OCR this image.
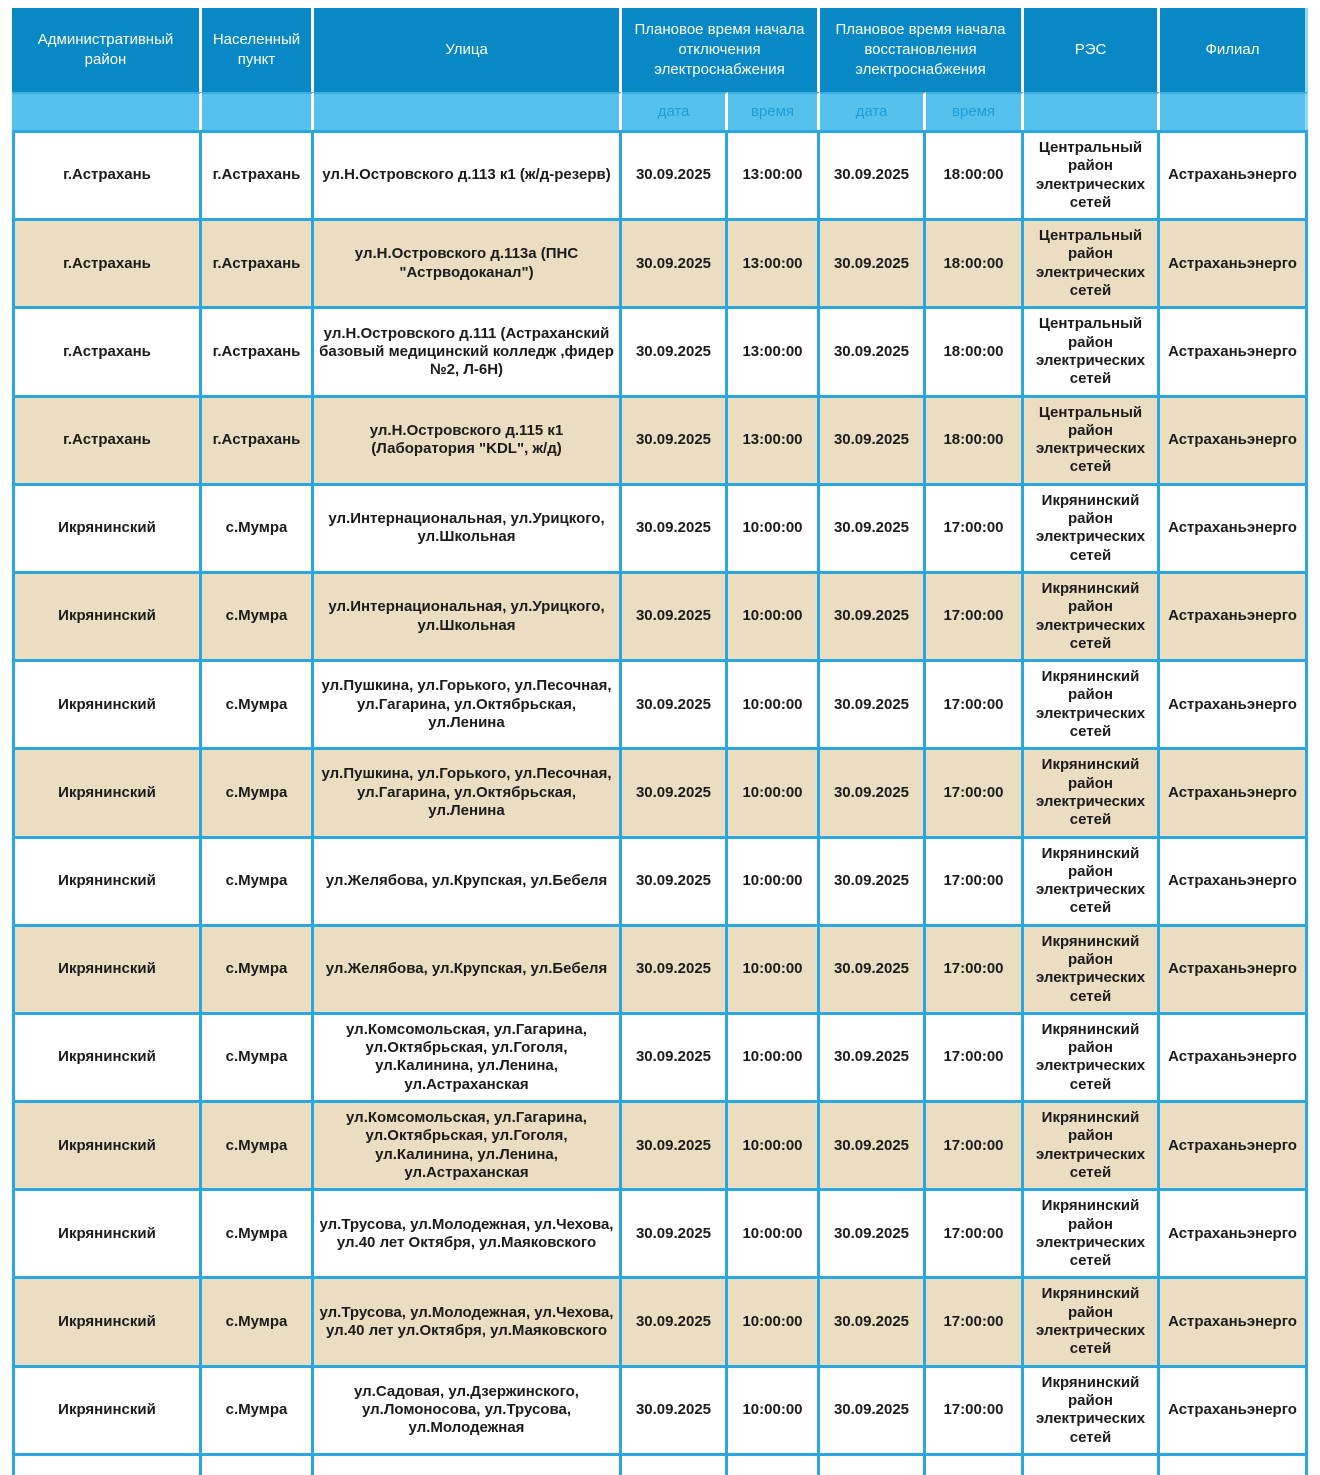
Административный район	Населенный пункт	Улица	Плановое время начала отключения электроснабжения		Плановое время начала восстановления электроснабжения		РЭС	Филиал
			дата	время	дата	время		
г.Астрахань	г.Астрахань	ул.Н.Островского д.113 к1 (ж/д-резерв)	30.09.2025	13:00:00	30.09.2025	18:00:00	Центральный район электрических сетей	Астраханьэнерго
г.Астрахань	г.Астрахань	ул.Н.Островского д.113а (ПНС "Астрводоканал")	30.09.2025	13:00:00	30.09.2025	18:00:00	Центральный район электрических сетей	Астраханьэнерго
г.Астрахань	г.Астрахань	ул.Н.Островского д.111 (Астраханский базовый медицинский колледж ,фидер №2, Л-6Н)	30.09.2025	13:00:00	30.09.2025	18:00:00	Центральный район электрических сетей	Астраханьэнерго
г.Астрахань	г.Астрахань	ул.Н.Островского д.115 к1 (Лаборатория "KDL", ж/д)	30.09.2025	13:00:00	30.09.2025	18:00:00	Центральный район электрических сетей	Астраханьэнерго
Икрянинский	с.Мумра	ул.Интернациональная, ул.Урицкого, ул.Школьная	30.09.2025	10:00:00	30.09.2025	17:00:00	Икрянинский район электрических сетей	Астраханьэнерго
Икрянинский	с.Мумра	ул.Интернациональная, ул.Урицкого, ул.Школьная	30.09.2025	10:00:00	30.09.2025	17:00:00	Икрянинский район электрических сетей	Астраханьэнерго
Икрянинский	с.Мумра	ул.Пушкина, ул.Горького, ул.Песочная, ул.Гагарина, ул.Октябрьская, ул.Ленина	30.09.2025	10:00:00	30.09.2025	17:00:00	Икрянинский район электрических сетей	Астраханьэнерго
Икрянинский	с.Мумра	ул.Пушкина, ул.Горького, ул.Песочная, ул.Гагарина, ул.Октябрьская, ул.Ленина	30.09.2025	10:00:00	30.09.2025	17:00:00	Икрянинский район электрических сетей	Астраханьэнерго
Икрянинский	с.Мумра	ул.Желябова, ул.Крупская, ул.Бебеля	30.09.2025	10:00:00	30.09.2025	17:00:00	Икрянинский район электрических сетей	Астраханьэнерго
Икрянинский	с.Мумра	ул.Желябова, ул.Крупская, ул.Бебеля	30.09.2025	10:00:00	30.09.2025	17:00:00	Икрянинский район электрических сетей	Астраханьэнерго
Икрянинский	с.Мумра	ул.Комсомольская, ул.Гагарина, ул.Октябрьская, ул.Гоголя, ул.Калинина, ул.Ленина, ул.Астраханская	30.09.2025	10:00:00	30.09.2025	17:00:00	Икрянинский район электрических сетей	Астраханьэнерго
Икрянинский	с.Мумра	ул.Комсомольская, ул.Гагарина, ул.Октябрьская, ул.Гоголя, ул.Калинина, ул.Ленина, ул.Астраханская	30.09.2025	10:00:00	30.09.2025	17:00:00	Икрянинский район электрических сетей	Астраханьэнерго
Икрянинский	с.Мумра	ул.Трусова, ул.Молодежная, ул.Чехова, ул.40 лет Октября, ул.Маяковского	30.09.2025	10:00:00	30.09.2025	17:00:00	Икрянинский район электрических сетей	Астраханьэнерго
Икрянинский	с.Мумра	ул.Трусова, ул.Молодежная, ул.Чехова, ул.40 лет ул.Октября, ул.Маяковского	30.09.2025	10:00:00	30.09.2025	17:00:00	Икрянинский район электрических сетей	Астраханьэнерго
Икрянинский	с.Мумра	ул.Садовая, ул.Дзержинского, ул.Ломоносова, ул.Трусова, ул.Молодежная	30.09.2025	10:00:00	30.09.2025	17:00:00	Икрянинский район электрических сетей	Астраханьэнерго
